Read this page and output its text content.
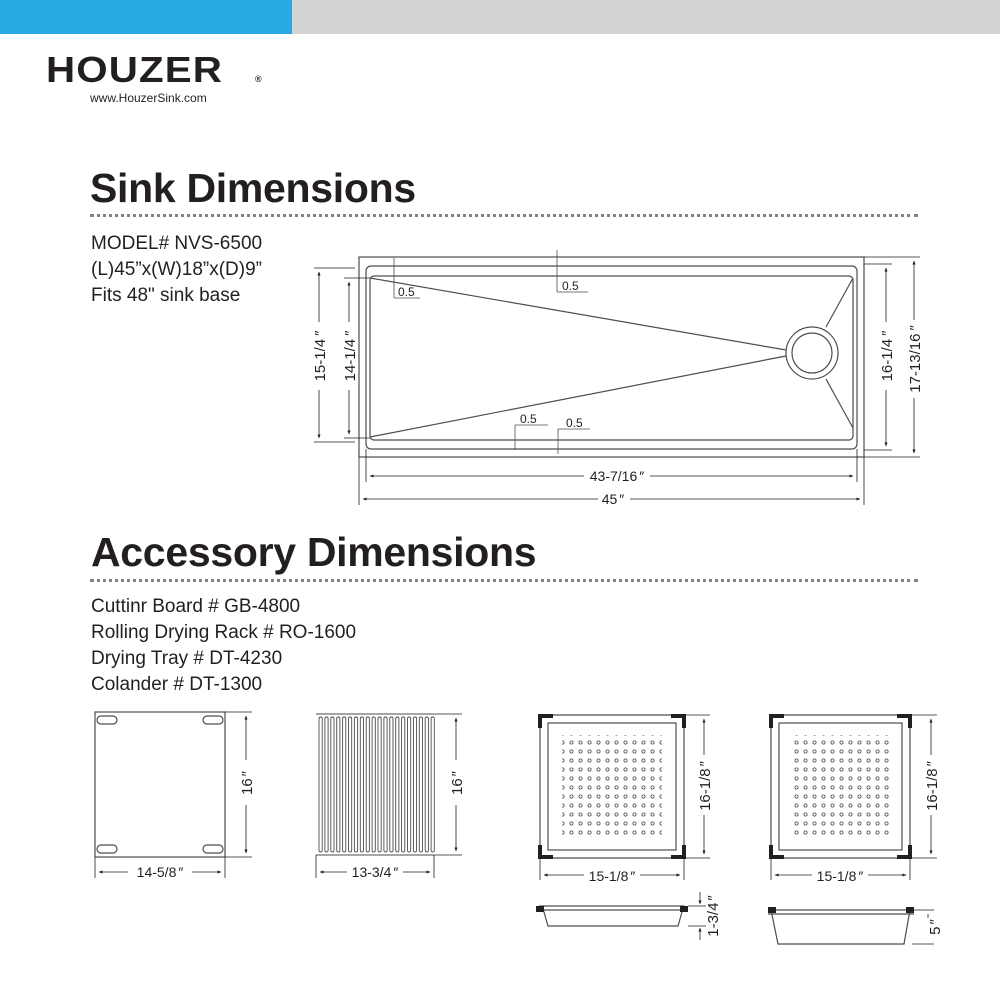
HOUZER	®
www.HouzerSink.com
Sink Dimensions
MODEL# NVS-6500
(L)45”x(W)18”x(D)9”
Fits 48" sink base
Accessory Dimensions
Cuttinr Board # GB-4800
Rolling Drying Rack # RO-1600
Drying Tray # DT-4230
Colander # DT-1300
0.5	0.5
0.5 0.5
15-1/4″
14-1/4″
16-1/4″
17-13/16″
43-7/16 ″
45 ″
16″
14-5/8 ″
16″
13-3/4 ″
16-1/8″
15-1/8 ″
1-3/4″
16-1/8″
15-1/8 ″
5″
